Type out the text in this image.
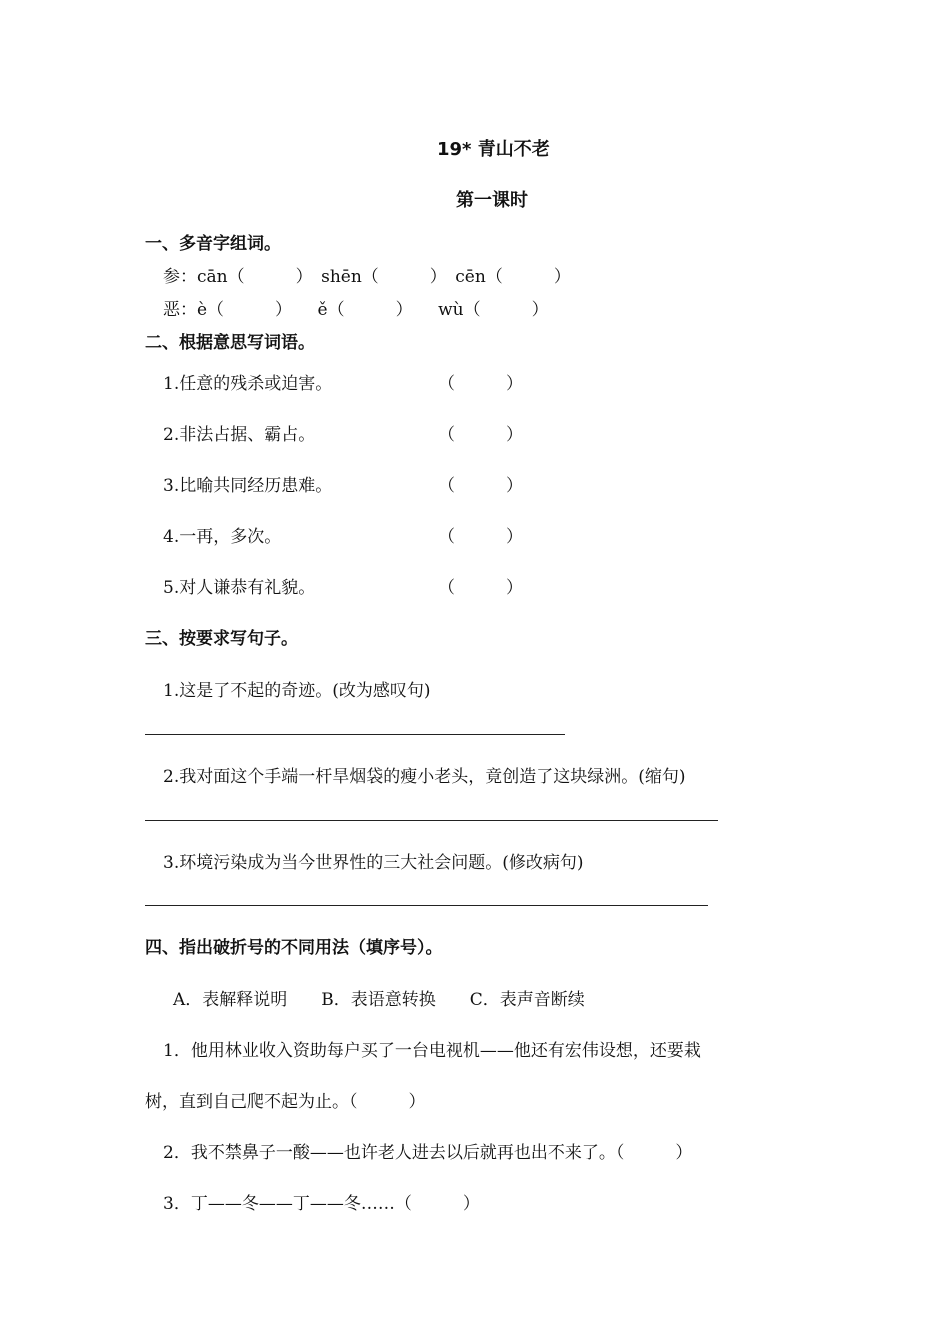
19* 青山不老
第一课时
一、多音字组词。
参：cān（　　　）　shēn（　　　）　cēn（　　　）
恶：è（　　　）　　ě（　　　）　　wù（　　　）
二、根据意思写词语。
1.任意的残杀或迫害。	（　　　）
2.非法占据、霸占。	（　　　）
3.比喻共同经历患难。	（　　　）
4.一再，多次。	（　　　）
5.对人谦恭有礼貌。	（　　　）
三、按要求写句子。
1.这是了不起的奇迹。(改为感叹句)
2.我对面这个手端一杆旱烟袋的瘦小老头，竟创造了这块绿洲。(缩句)
3.环境污染成为当今世界性的三大社会问题。(修改病句)
四、指出破折号的不同用法（填序号）。
A．表解释说明　　B．表语意转换　　C．表声音断续
1．他用林业收入资助每户买了一台电视机——他还有宏伟设想，还要栽
树，直到自己爬不起为止。（　　　）
2．我不禁鼻子一酸——也许老人进去以后就再也出不来了。（　　　）
3．丁——冬——丁——冬……（　　　）
